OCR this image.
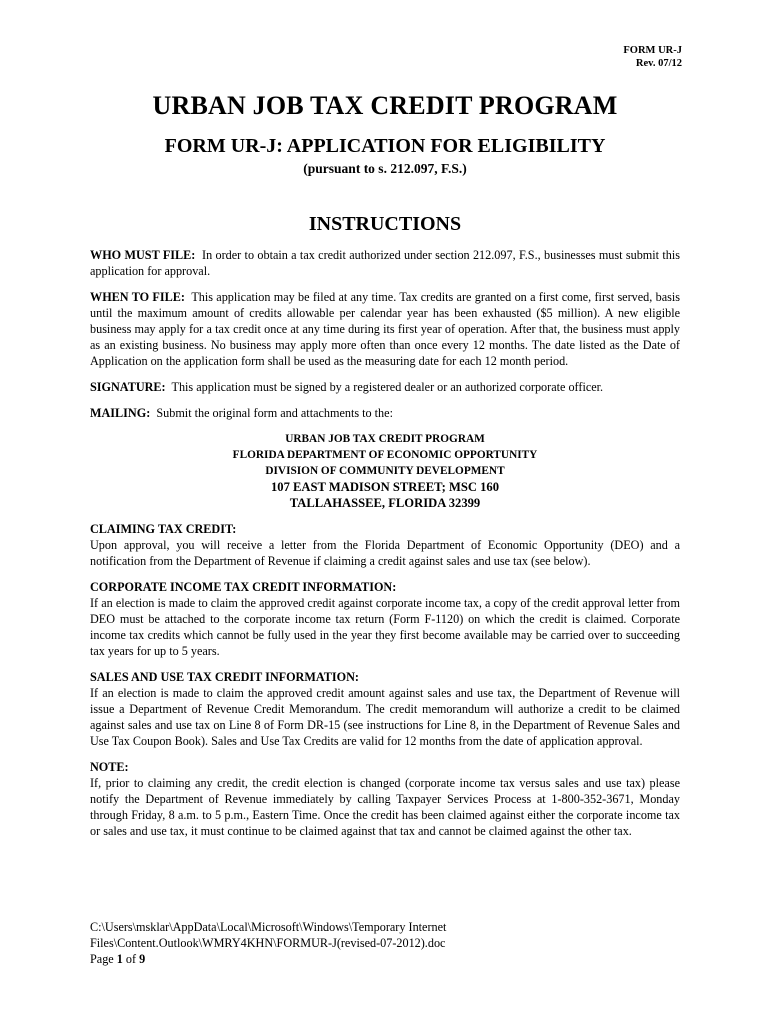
FORM UR-J
Rev. 07/12
URBAN JOB TAX CREDIT PROGRAM
FORM UR-J: APPLICATION FOR ELIGIBILITY
(pursuant to s. 212.097, F.S.)
INSTRUCTIONS

WHO MUST FILE: In order to obtain a tax credit authorized under section 212.097, F.S., businesses must submit this application for approval.

WHEN TO FILE: This application may be filed at any time. Tax credits are granted on a first come, first served, basis until the maximum amount of credits allowable per calendar year has been exhausted ($5 million). A new eligible business may apply for a tax credit once at any time during its first year of operation. After that, the business must apply as an existing business. No business may apply more often than once every 12 months. The date listed as the Date of Application on the application form shall be used as the measuring date for each 12 month period.

SIGNATURE: This application must be signed by a registered dealer or an authorized corporate officer.

MAILING: Submit the original form and attachments to the:

URBAN JOB TAX CREDIT PROGRAM
FLORIDA DEPARTMENT OF ECONOMIC OPPORTUNITY
DIVISION OF COMMUNITY DEVELOPMENT
107 EAST MADISON STREET; MSC 160
TALLAHASSEE, FLORIDA 32399

CLAIMING TAX CREDIT:
Upon approval, you will receive a letter from the Florida Department of Economic Opportunity (DEO) and a notification from the Department of Revenue if claiming a credit against sales and use tax (see below).

CORPORATE INCOME TAX CREDIT INFORMATION:
If an election is made to claim the approved credit against corporate income tax, a copy of the credit approval letter from DEO must be attached to the corporate income tax return (Form F-1120) on which the credit is claimed. Corporate income tax credits which cannot be fully used in the year they first become available may be carried over to succeeding tax years for up to 5 years.

SALES AND USE TAX CREDIT INFORMATION:
If an election is made to claim the approved credit amount against sales and use tax, the Department of Revenue will issue a Department of Revenue Credit Memorandum. The credit memorandum will authorize a credit to be claimed against sales and use tax on Line 8 of Form DR-15 (see instructions for Line 8, in the Department of Revenue Sales and Use Tax Coupon Book). Sales and Use Tax Credits are valid for 12 months from the date of application approval.

NOTE:
If, prior to claiming any credit, the credit election is changed (corporate income tax versus sales and use tax) please notify the Department of Revenue immediately by calling Taxpayer Services Process at 1-800-352-3671, Monday through Friday, 8 a.m. to 5 p.m., Eastern Time. Once the credit has been claimed against either the corporate income tax or sales and use tax, it must continue to be claimed against that tax and cannot be claimed against the other tax.

C:\Users\msklar\AppData\Local\Microsoft\Windows\Temporary Internet
Files\Content.Outlook\WMRY4KHN\FORMUR-J(revised-07-2012).doc
Page 1 of 9
